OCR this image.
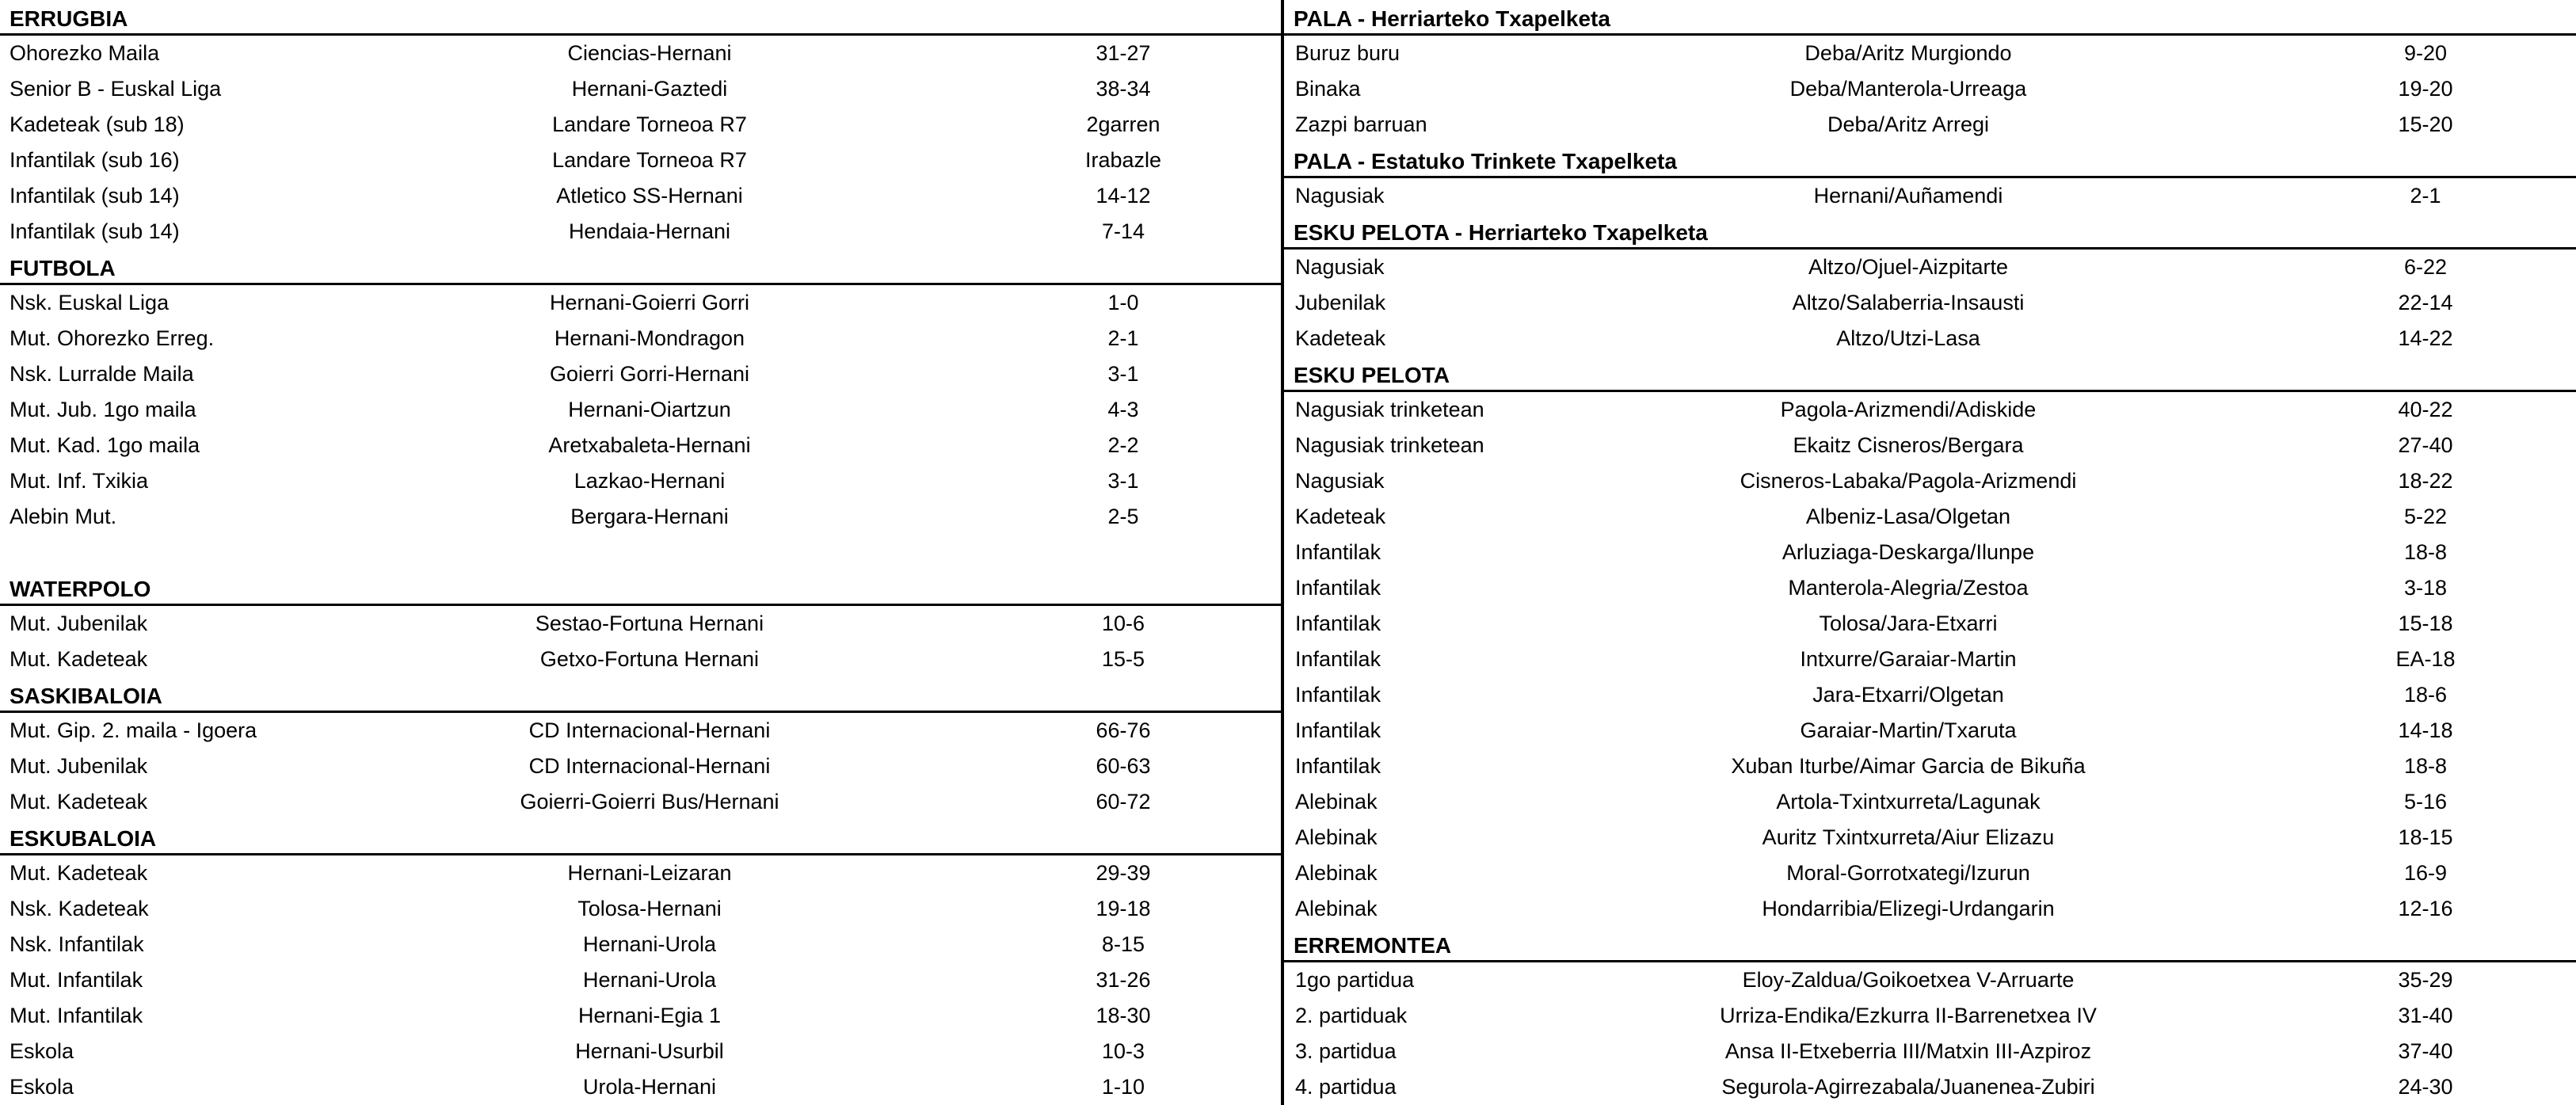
ERRUGBIA
Ohorezko Maila	Ciencias-Hernani	31-27
Senior B - Euskal Liga	Hernani-Gaztedi	38-34
Kadeteak (sub 18)	Landare Torneoa R7	2garren
Infantilak (sub 16)	Landare Torneoa R7	Irabazle
Infantilak (sub 14)	Atletico SS-Hernani	14-12
Infantilak (sub 14)	Hendaia-Hernani	7-14
FUTBOLA
Nsk. Euskal Liga	Hernani-Goierri Gorri	1-0
Mut. Ohorezko Erreg.	Hernani-Mondragon	2-1
Nsk. Lurralde Maila	Goierri Gorri-Hernani	3-1
Mut. Jub. 1go maila	Hernani-Oiartzun	4-3
Mut. Kad. 1go maila	Aretxabaleta-Hernani	2-2
Mut. Inf. Txikia	Lazkao-Hernani	3-1
Alebin Mut.	Bergara-Hernani	2-5
WATERPOLO
Mut. Jubenilak	Sestao-Fortuna Hernani	10-6
Mut. Kadeteak	Getxo-Fortuna Hernani	15-5
SASKIBALOIA
Mut. Gip. 2. maila - Igoera	CD Internacional-Hernani	66-76
Mut. Jubenilak	CD Internacional-Hernani	60-63
Mut. Kadeteak	Goierri-Goierri Bus/Hernani	60-72
ESKUBALOIA
Mut. Kadeteak	Hernani-Leizaran	29-39
Nsk. Kadeteak	Tolosa-Hernani	19-18
Nsk. Infantilak	Hernani-Urola	8-15
Mut. Infantilak	Hernani-Urola	31-26
Mut. Infantilak	Hernani-Egia 1	18-30
Eskola	Hernani-Usurbil	10-3
Eskola	Urola-Hernani	1-10
PALA - Herriarteko Txapelketa
Buruz buru	Deba/Aritz Murgiondo	9-20
Binaka	Deba/Manterola-Urreaga	19-20
Zazpi barruan	Deba/Aritz Arregi	15-20
PALA - Estatuko Trinkete Txapelketa
Nagusiak	Hernani/Auñamendi	2-1
ESKU PELOTA - Herriarteko Txapelketa
Nagusiak	Altzo/Ojuel-Aizpitarte	6-22
Jubenilak	Altzo/Salaberria-Insausti	22-14
Kadeteak	Altzo/Utzi-Lasa	14-22
ESKU PELOTA
Nagusiak trinketean	Pagola-Arizmendi/Adiskide	40-22
Nagusiak trinketean	Ekaitz Cisneros/Bergara	27-40
Nagusiak	Cisneros-Labaka/Pagola-Arizmendi	18-22
Kadeteak	Albeniz-Lasa/Olgetan	5-22
Infantilak	Arluziaga-Deskarga/Ilunpe	18-8
Infantilak	Manterola-Alegria/Zestoa	3-18
Infantilak	Tolosa/Jara-Etxarri	15-18
Infantilak	Intxurre/Garaiar-Martin	EA-18
Infantilak	Jara-Etxarri/Olgetan	18-6
Infantilak	Garaiar-Martin/Txaruta	14-18
Infantilak	Xuban Iturbe/Aimar Garcia de Bikuña	18-8
Alebinak	Artola-Txintxurreta/Lagunak	5-16
Alebinak	Auritz Txintxurreta/Aiur Elizazu	18-15
Alebinak	Moral-Gorrotxategi/Izurun	16-9
Alebinak	Hondarribia/Elizegi-Urdangarin	12-16
ERREMONTEA
1go partidua	Eloy-Zaldua/Goikoetxea V-Arruarte	35-29
2. partiduak	Urriza-Endika/Ezkurra II-Barrenetxea IV	31-40
3. partidua	Ansa II-Etxeberria III/Matxin III-Azpiroz	37-40
4. partidua	Segurola-Agirrezabala/Juanenea-Zubiri	24-30
